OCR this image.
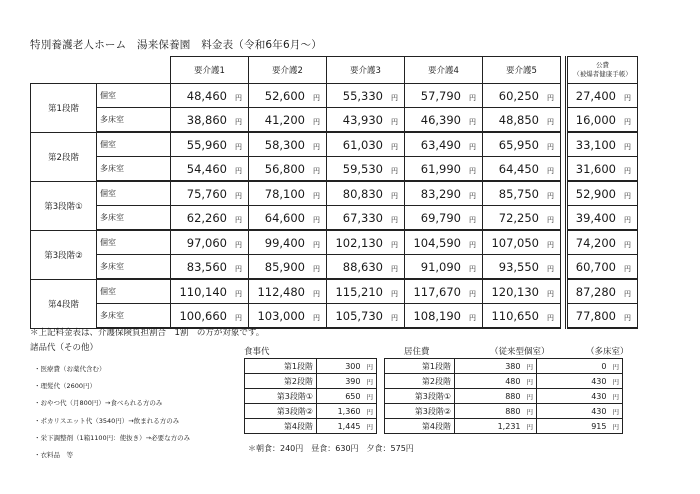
特別養護老人ホーム　湯来保養園　料金表（令和6年6月～）
		要介護1	要介護2	要介護3	要介護4	要介護5		公費
（被爆者健康手帳）

第1段階	個室	48,460 円	52,600 円	55,330 円	57,790 円	60,250 円		27,400 円
	多床室	38,860 円	41,200 円	43,930 円	46,390 円	48,850 円		16,000 円
第2段階	個室	55,960 円	58,300 円	61,030 円	63,490 円	65,950 円		33,100 円
	多床室	54,460 円	56,800 円	59,530 円	61,990 円	64,450 円		31,600 円
第3段階①	個室	75,760 円	78,100 円	80,830 円	83,290 円	85,750 円		52,900 円
	多床室	62,260 円	64,600 円	67,330 円	69,790 円	72,250 円		39,400 円
第3段階②	個室	97,060 円	99,400 円	102,130 円	104,590 円	107,050 円		74,200 円
	多床室	83,560 円	85,900 円	88,630 円	91,090 円	93,550 円		60,700 円
第4段階	個室	110,140 円	112,480 円	115,210 円	117,670 円	120,130 円		87,280 円
	多床室	100,660 円	103,000 円	105,730 円	108,190 円	110,650 円		77,800 円
＊上記料金表は、介護保険負担割合　1割　の方が対象です。
諸品代（その他）
・医療費（お薬代含む）
・理髪代（2600円）
・おやつ代（月800円）→食べられる方のみ
・ポカリスエット代（3540円）→飲まれる方のみ
・栄下調整剤（1箱1100円：使抜き）→必要な方のみ
・衣料品　等
食事代	居住費	（従来型個室）	（多床室）
第1段階	300 円		第1段階	380 円	0 円
第2段階	390 円		第2段階	480 円	430 円
第3段階①	650 円		第3段階①	880 円	430 円
第3段階②	1,360 円		第3段階②	880 円	430 円
第4段階	1,445 円		第4段階	1,231 円	915 円
＊朝食：240円　昼食：630円　夕食：575円
